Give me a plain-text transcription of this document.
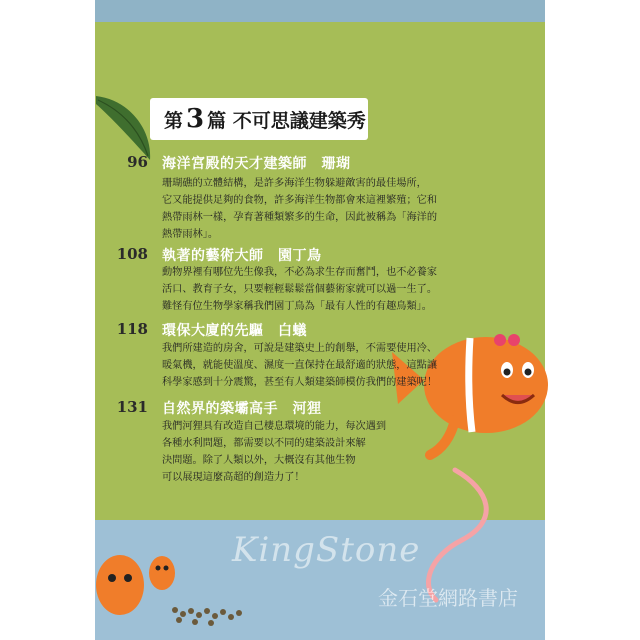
第 3 篇 不可思議建築秀
96 海洋宮殿的天才建築師　珊瑚
珊瑚礁的立體結構，是許多海洋生物躲避敵害的最佳場所，
它又能提供足夠的食物，許多海洋生物都會來這裡繁殖；它和
熱帶雨林一樣，孕育著種類繁多的生命，因此被稱為「海洋的
熱帶雨林」。
108 執著的藝術大師　園丁鳥
動物界裡有哪位先生像我，不必為求生存而奮鬥，也不必養家
活口、教育子女，只要輕輕鬆鬆當個藝術家就可以過一生了。
難怪有位生物學家稱我們園丁鳥為「最有人性的有趣鳥類」。
118 環保大廈的先驅　白蟻
我們所建造的房舍，可說是建築史上的創舉，不需要使用冷、
暖氣機，就能使溫度、濕度一直保持在最舒適的狀態，這點讓
科學家感到十分震驚，甚至有人類建築師模仿我們的建築呢！
131 自然界的築壩高手　河狸
我們河狸具有改造自己棲息環境的能力，每次遇到
各種水利問題，都需要以不同的建築設計來解
決問題。除了人類以外，大概沒有其他生物
可以展現這麼高超的創造力了！
KingStone
金石堂網路書店
